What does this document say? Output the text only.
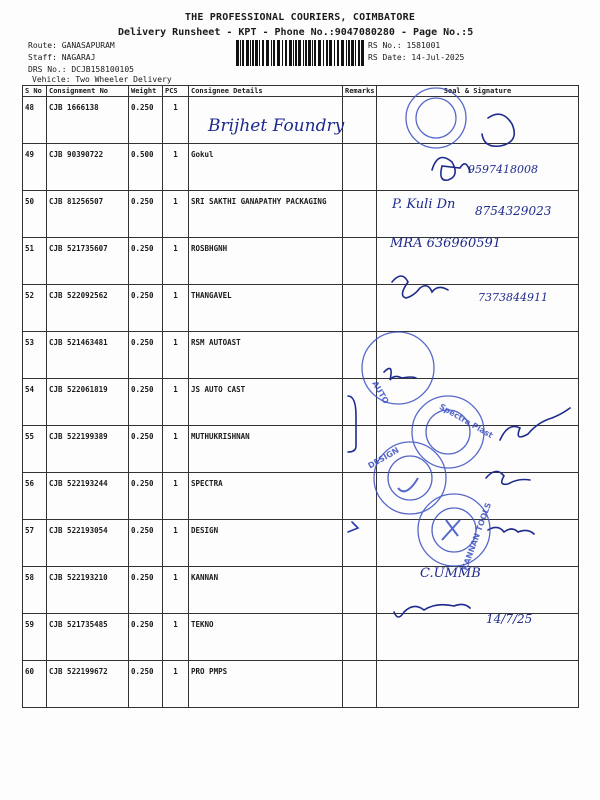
THE PROFESSIONAL COURIERS, COIMBATORE
Delivery Runsheet - KPT - Phone No.:9047080280 - Page No.:5
Route: GANASAPURAM
Staff: NAGARAJ
DRS No.: DCJB158100105
Vehicle: Two Wheeler Delivery
RS No.: 1581001
RS Date: 14-Jul-2025
S No	Consignment No	Weight	PCS	Consignee Details	Remarks	Seal & Signature
48	CJB 1666138	0.250	1			
49	CJB 90390722	0.500	1	Gokul		
50	CJB 81256507	0.250	1	SRI SAKTHI GANAPATHY PACKAGING		
51	CJB 521735607	0.250	1	ROSBHGNH		
52	CJB 522092562	0.250	1	THANGAVEL		
53	CJB 521463481	0.250	1	RSM AUTOAST		
54	CJB 522061819	0.250	1	JS AUTO CAST		
55	CJB 522199389	0.250	1	MUTHUKRISHNAN		
56	CJB 522193244	0.250	1	SPECTRA		
57	CJB 522193054	0.250	1	DESIGN		
58	CJB 522193210	0.250	1	KANNAN		
59	CJB 521735485	0.250	1	TEKNO		
60	CJB 522199672	0.250	1	PRO PMPS		
Brijhet Foundry
9597418008
P. Kuli Dn 8754329023
MRA 636960591
7373844911
C.UMMB
14/7/25
Spectra Plast
DESIGN
AUTO
KANNAN TOOLS
